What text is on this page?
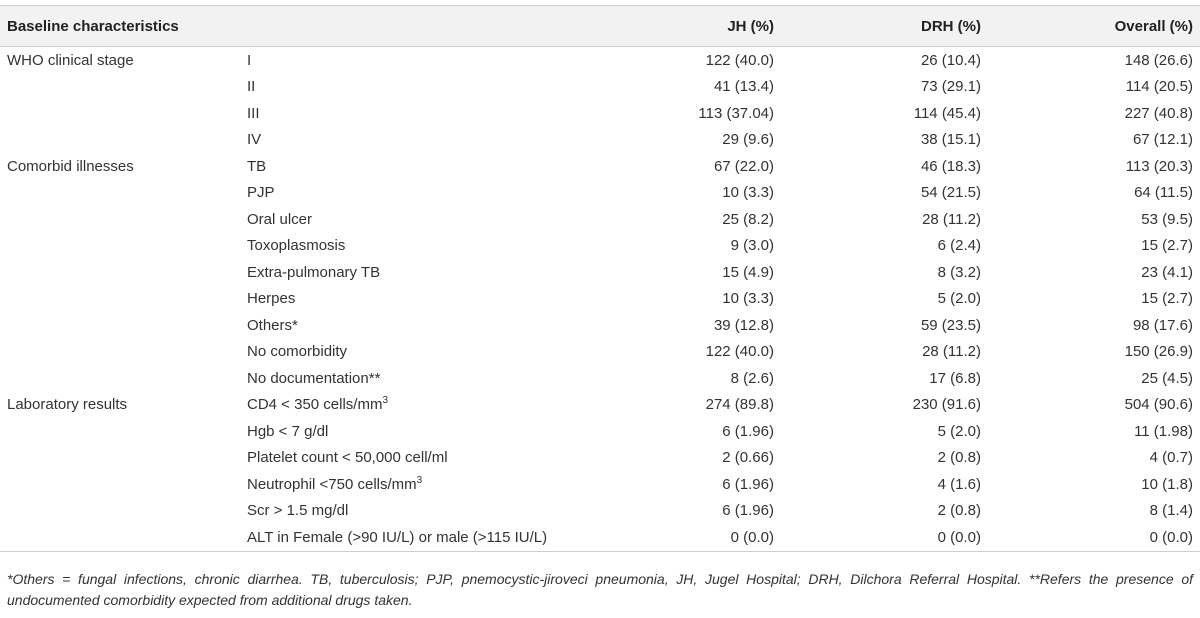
Baseline characteristics		JH (%)	DRH (%)	Overall (%)
WHO clinical stage	I	122 (40.0)	26 (10.4)	148 (26.6)
	II	41 (13.4)	73 (29.1)	114 (20.5)
	III	113 (37.04)	114 (45.4)	227 (40.8)
	IV	29 (9.6)	38 (15.1)	67 (12.1)
Comorbid illnesses	TB	67 (22.0)	46 (18.3)	113 (20.3)
	PJP	10 (3.3)	54 (21.5)	64 (11.5)
	Oral ulcer	25 (8.2)	28 (11.2)	53 (9.5)
	Toxoplasmosis	9 (3.0)	6 (2.4)	15 (2.7)
	Extra-pulmonary TB	15 (4.9)	8 (3.2)	23 (4.1)
	Herpes	10 (3.3)	5 (2.0)	15 (2.7)
	Others*	39 (12.8)	59 (23.5)	98 (17.6)
	No comorbidity	122 (40.0)	28 (11.2)	150 (26.9)
	No documentation**	8 (2.6)	17 (6.8)	25 (4.5)
Laboratory results	CD4 < 350 cells/$mm^3$	274 (89.8)	230 (91.6)	504 (90.6)
	Hgb < 7 g/dl	6 (1.96)	5 (2.0)	11 (1.98)
	Platelet count < 50,000 cell/ml	2 (0.66)	2 (0.8)	4 (0.7)
	Neutrophil <750 cells/$mm^3$	6 (1.96)	4 (1.6)	10 (1.8)
	Scr > 1.5 mg/dl	6 (1.96)	2 (0.8)	8 (1.4)
	ALT in Female (>90 IU/L) or male (>115 IU/L)	0 (0.0)	0 (0.0)	0 (0.0)
*Others = fungal infections, chronic diarrhea. TB, tuberculosis; PJP, pnemocystic-jiroveci pneumonia, JH, Jugel Hospital; DRH, Dilchora Referral Hospital. **Refers the presence of undocumented comorbidity expected from additional drugs taken.
